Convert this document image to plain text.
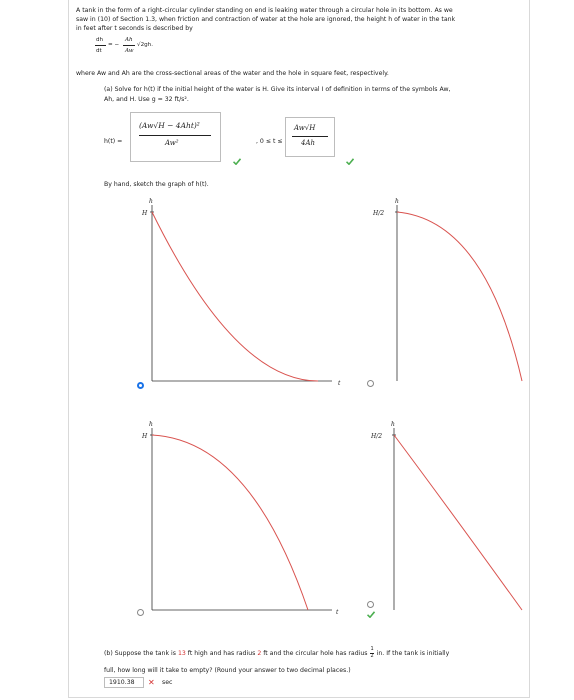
A tank in the form of a right-circular cylinder standing on end is leaking water through a circular hole in its bottom. As we
saw in (10) of Section 1.3, when friction and contraction of water at the hole are ignored, the height h of water in the tank
in feet after t seconds is described by
dh
dt
= −
Ah
Aw
√2gh.
where Aw and Ah are the cross-sectional areas of the water and the hole in square feet, respectively.
(a) Solve for h(t) if the initial height of the water is H. Give its interval I of definition in terms of the symbols Aw,
Ah, and H. Use g = 32 ft/s².
h(t) =
(Aw√H − 4Aht)²
Aw²	, 0 ≤ t ≤
Aw√H
4Ah
By hand, sketch the graph of h(t).
h
H
t
h
H/2
h
H
t
h
H/2
(b) Suppose the tank is 13 ft high and has radius 2 ft and the circular hole has radius $\frac{1}{2}$ in. If the tank is initially
full, how long will it take to empty? (Round your answer to two decimal places.)
1910.38 ✕ sec
